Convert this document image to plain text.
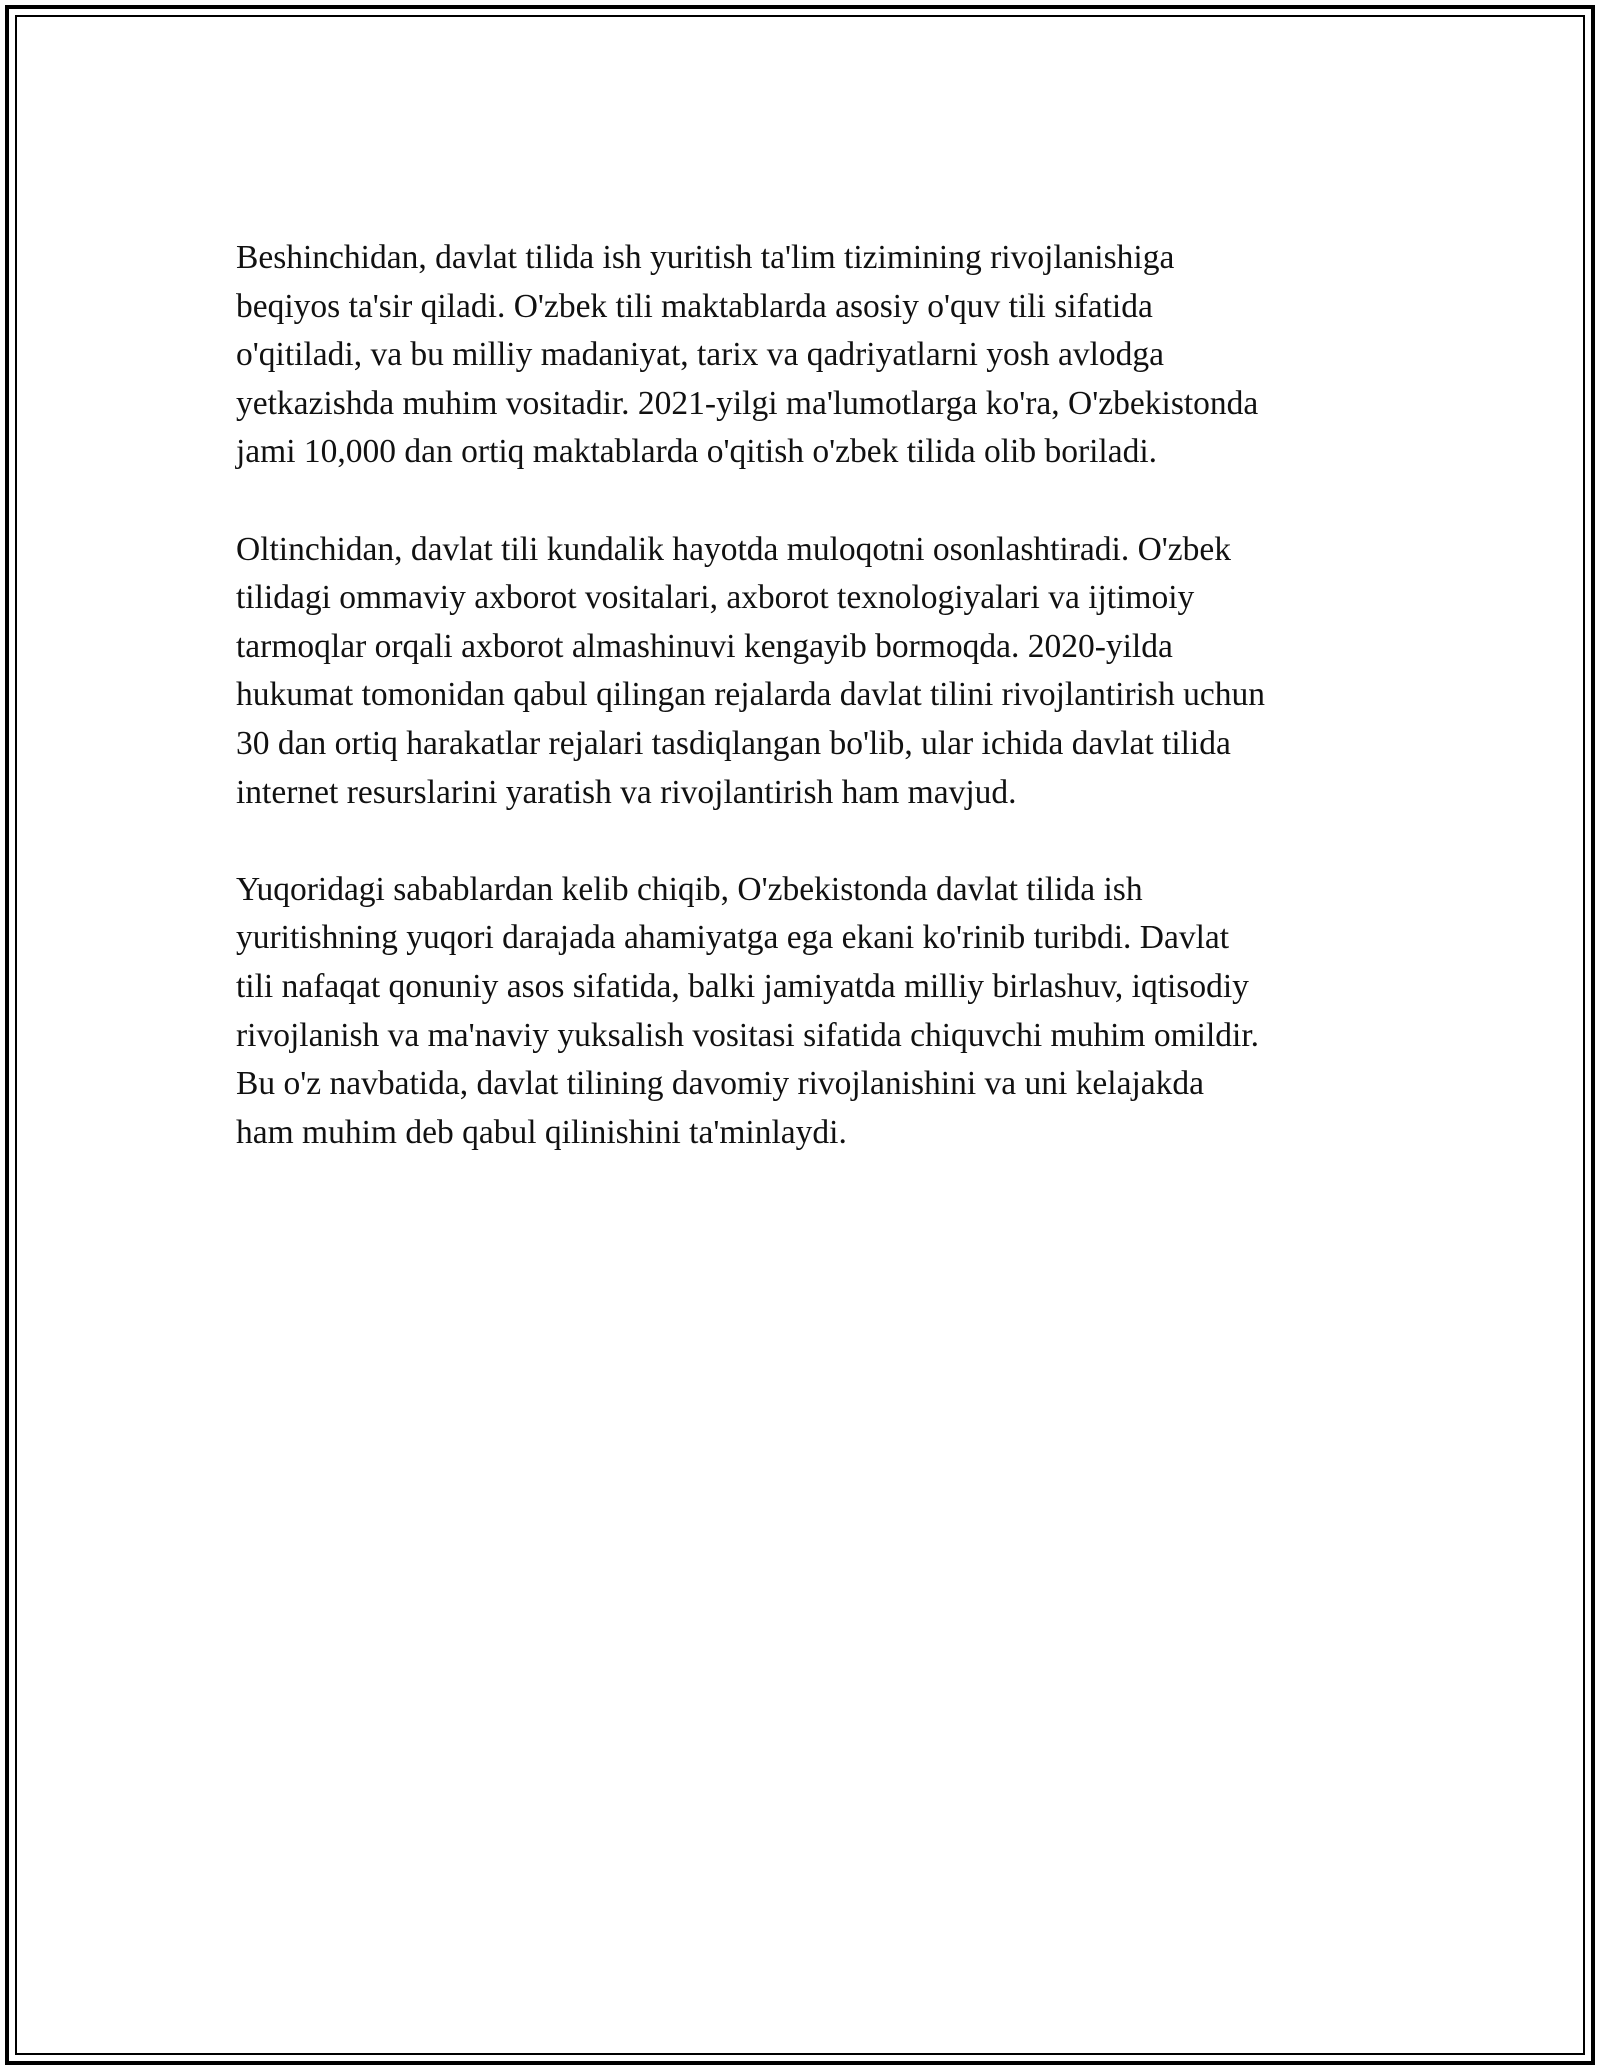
Beshinchidan, davlat tilida ish yuritish ta'lim tizimining rivojlanishiga
beqiyos ta'sir qiladi. O'zbek tili maktablarda asosiy o'quv tili sifatida
o'qitiladi, va bu milliy madaniyat, tarix va qadriyatlarni yosh avlodga
yetkazishda muhim vositadir. 2021-yilgi ma'lumotlarga ko'ra, O'zbekistonda
jami 10,000 dan ortiq maktablarda o'qitish o'zbek tilida olib boriladi.

Oltinchidan, davlat tili kundalik hayotda muloqotni osonlashtiradi. O'zbek
tilidagi ommaviy axborot vositalari, axborot texnologiyalari va ijtimoiy
tarmoqlar orqali axborot almashinuvi kengayib bormoqda. 2020-yilda
hukumat tomonidan qabul qilingan rejalarda davlat tilini rivojlantirish uchun
30 dan ortiq harakatlar rejalari tasdiqlangan bo'lib, ular ichida davlat tilida
internet resurslarini yaratish va rivojlantirish ham mavjud.

Yuqoridagi sabablardan kelib chiqib, O'zbekistonda davlat tilida ish
yuritishning yuqori darajada ahamiyatga ega ekani ko'rinib turibdi. Davlat
tili nafaqat qonuniy asos sifatida, balki jamiyatda milliy birlashuv, iqtisodiy
rivojlanish va ma'naviy yuksalish vositasi sifatida chiquvchi muhim omildir.
Bu o'z navbatida, davlat tilining davomiy rivojlanishini va uni kelajakda
ham muhim deb qabul qilinishini ta'minlaydi.
